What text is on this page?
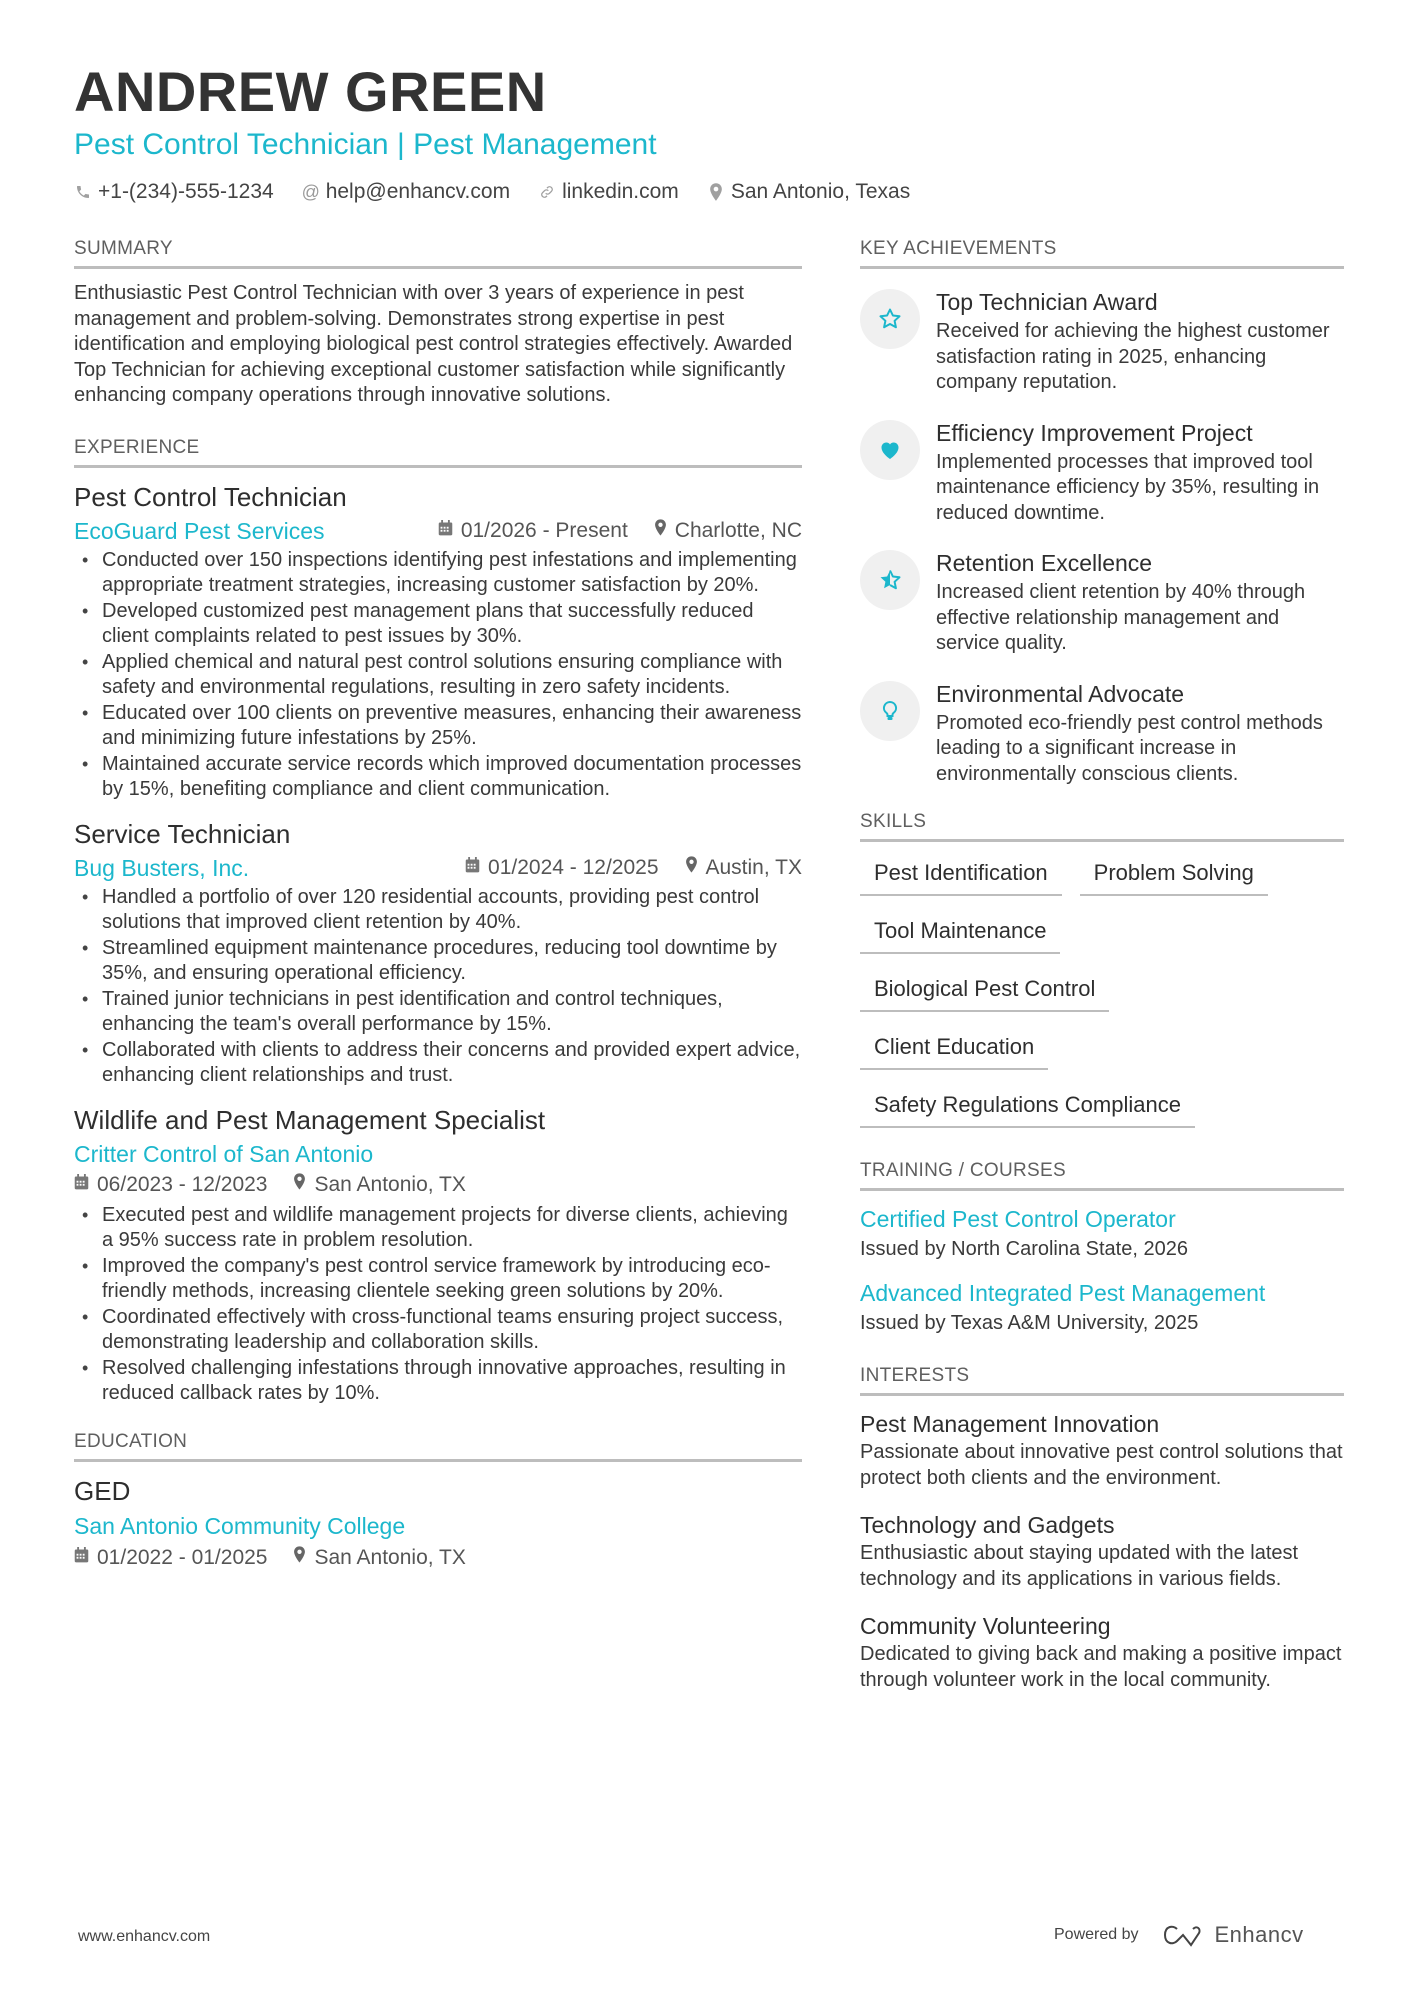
ANDREW GREEN
Pest Control Technician | Pest Management
+1-(234)-555-1234 @ help@enhancv.com linkedin.com San Antonio, Texas
SUMMARY
Enthusiastic Pest Control Technician with over 3 years of experience in pest management and problem-solving. Demonstrates strong expertise in pest identification and employing biological pest control strategies effectively. Awarded Top Technician for achieving exceptional customer satisfaction while significantly enhancing company operations through innovative solutions.
EXPERIENCE
Pest Control Technician
EcoGuard Pest Services	01/2026 - Present Charlotte, NC
• Conducted over 150 inspections identifying pest infestations and implementing appropriate treatment strategies, increasing customer satisfaction by 20%.
• Developed customized pest management plans that successfully reduced client complaints related to pest issues by 30%.
• Applied chemical and natural pest control solutions ensuring compliance with safety and environmental regulations, resulting in zero safety incidents.
• Educated over 100 clients on preventive measures, enhancing their awareness and minimizing future infestations by 25%.
• Maintained accurate service records which improved documentation processes by 15%, benefiting compliance and client communication.
Service Technician
Bug Busters, Inc.	01/2024 - 12/2025 Austin, TX
• Handled a portfolio of over 120 residential accounts, providing pest control solutions that improved client retention by 40%.
• Streamlined equipment maintenance procedures, reducing tool downtime by 35%, and ensuring operational efficiency.
• Trained junior technicians in pest identification and control techniques, enhancing the team's overall performance by 15%.
• Collaborated with clients to address their concerns and provided expert advice, enhancing client relationships and trust.
Wildlife and Pest Management Specialist
Critter Control of San Antonio
06/2023 - 12/2023 San Antonio, TX
• Executed pest and wildlife management projects for diverse clients, achieving a 95% success rate in problem resolution.
• Improved the company's pest control service framework by introducing eco-friendly methods, increasing clientele seeking green solutions by 20%.
• Coordinated effectively with cross-functional teams ensuring project success, demonstrating leadership and collaboration skills.
• Resolved challenging infestations through innovative approaches, resulting in reduced callback rates by 10%.
EDUCATION
GED
San Antonio Community College
01/2022 - 01/2025 San Antonio, TX
KEY ACHIEVEMENTS
Top Technician Award
Received for achieving the highest customer satisfaction rating in 2025, enhancing company reputation.
Efficiency Improvement Project
Implemented processes that improved tool maintenance efficiency by 35%, resulting in reduced downtime.
Retention Excellence
Increased client retention by 40% through effective relationship management and service quality.
Environmental Advocate
Promoted eco-friendly pest control methods leading to a significant increase in environmentally conscious clients.
SKILLS
Pest Identification	Problem Solving
Tool Maintenance
Biological Pest Control
Client Education
Safety Regulations Compliance
TRAINING / COURSES
Certified Pest Control Operator
Issued by North Carolina State, 2026
Advanced Integrated Pest Management
Issued by Texas A&M University, 2025
INTERESTS
Pest Management Innovation
Passionate about innovative pest control solutions that protect both clients and the environment.
Technology and Gadgets
Enthusiastic about staying updated with the latest technology and its applications in various fields.
Community Volunteering
Dedicated to giving back and making a positive impact through volunteer work in the local community.
www.enhancv.com	Powered by	Enhancv
